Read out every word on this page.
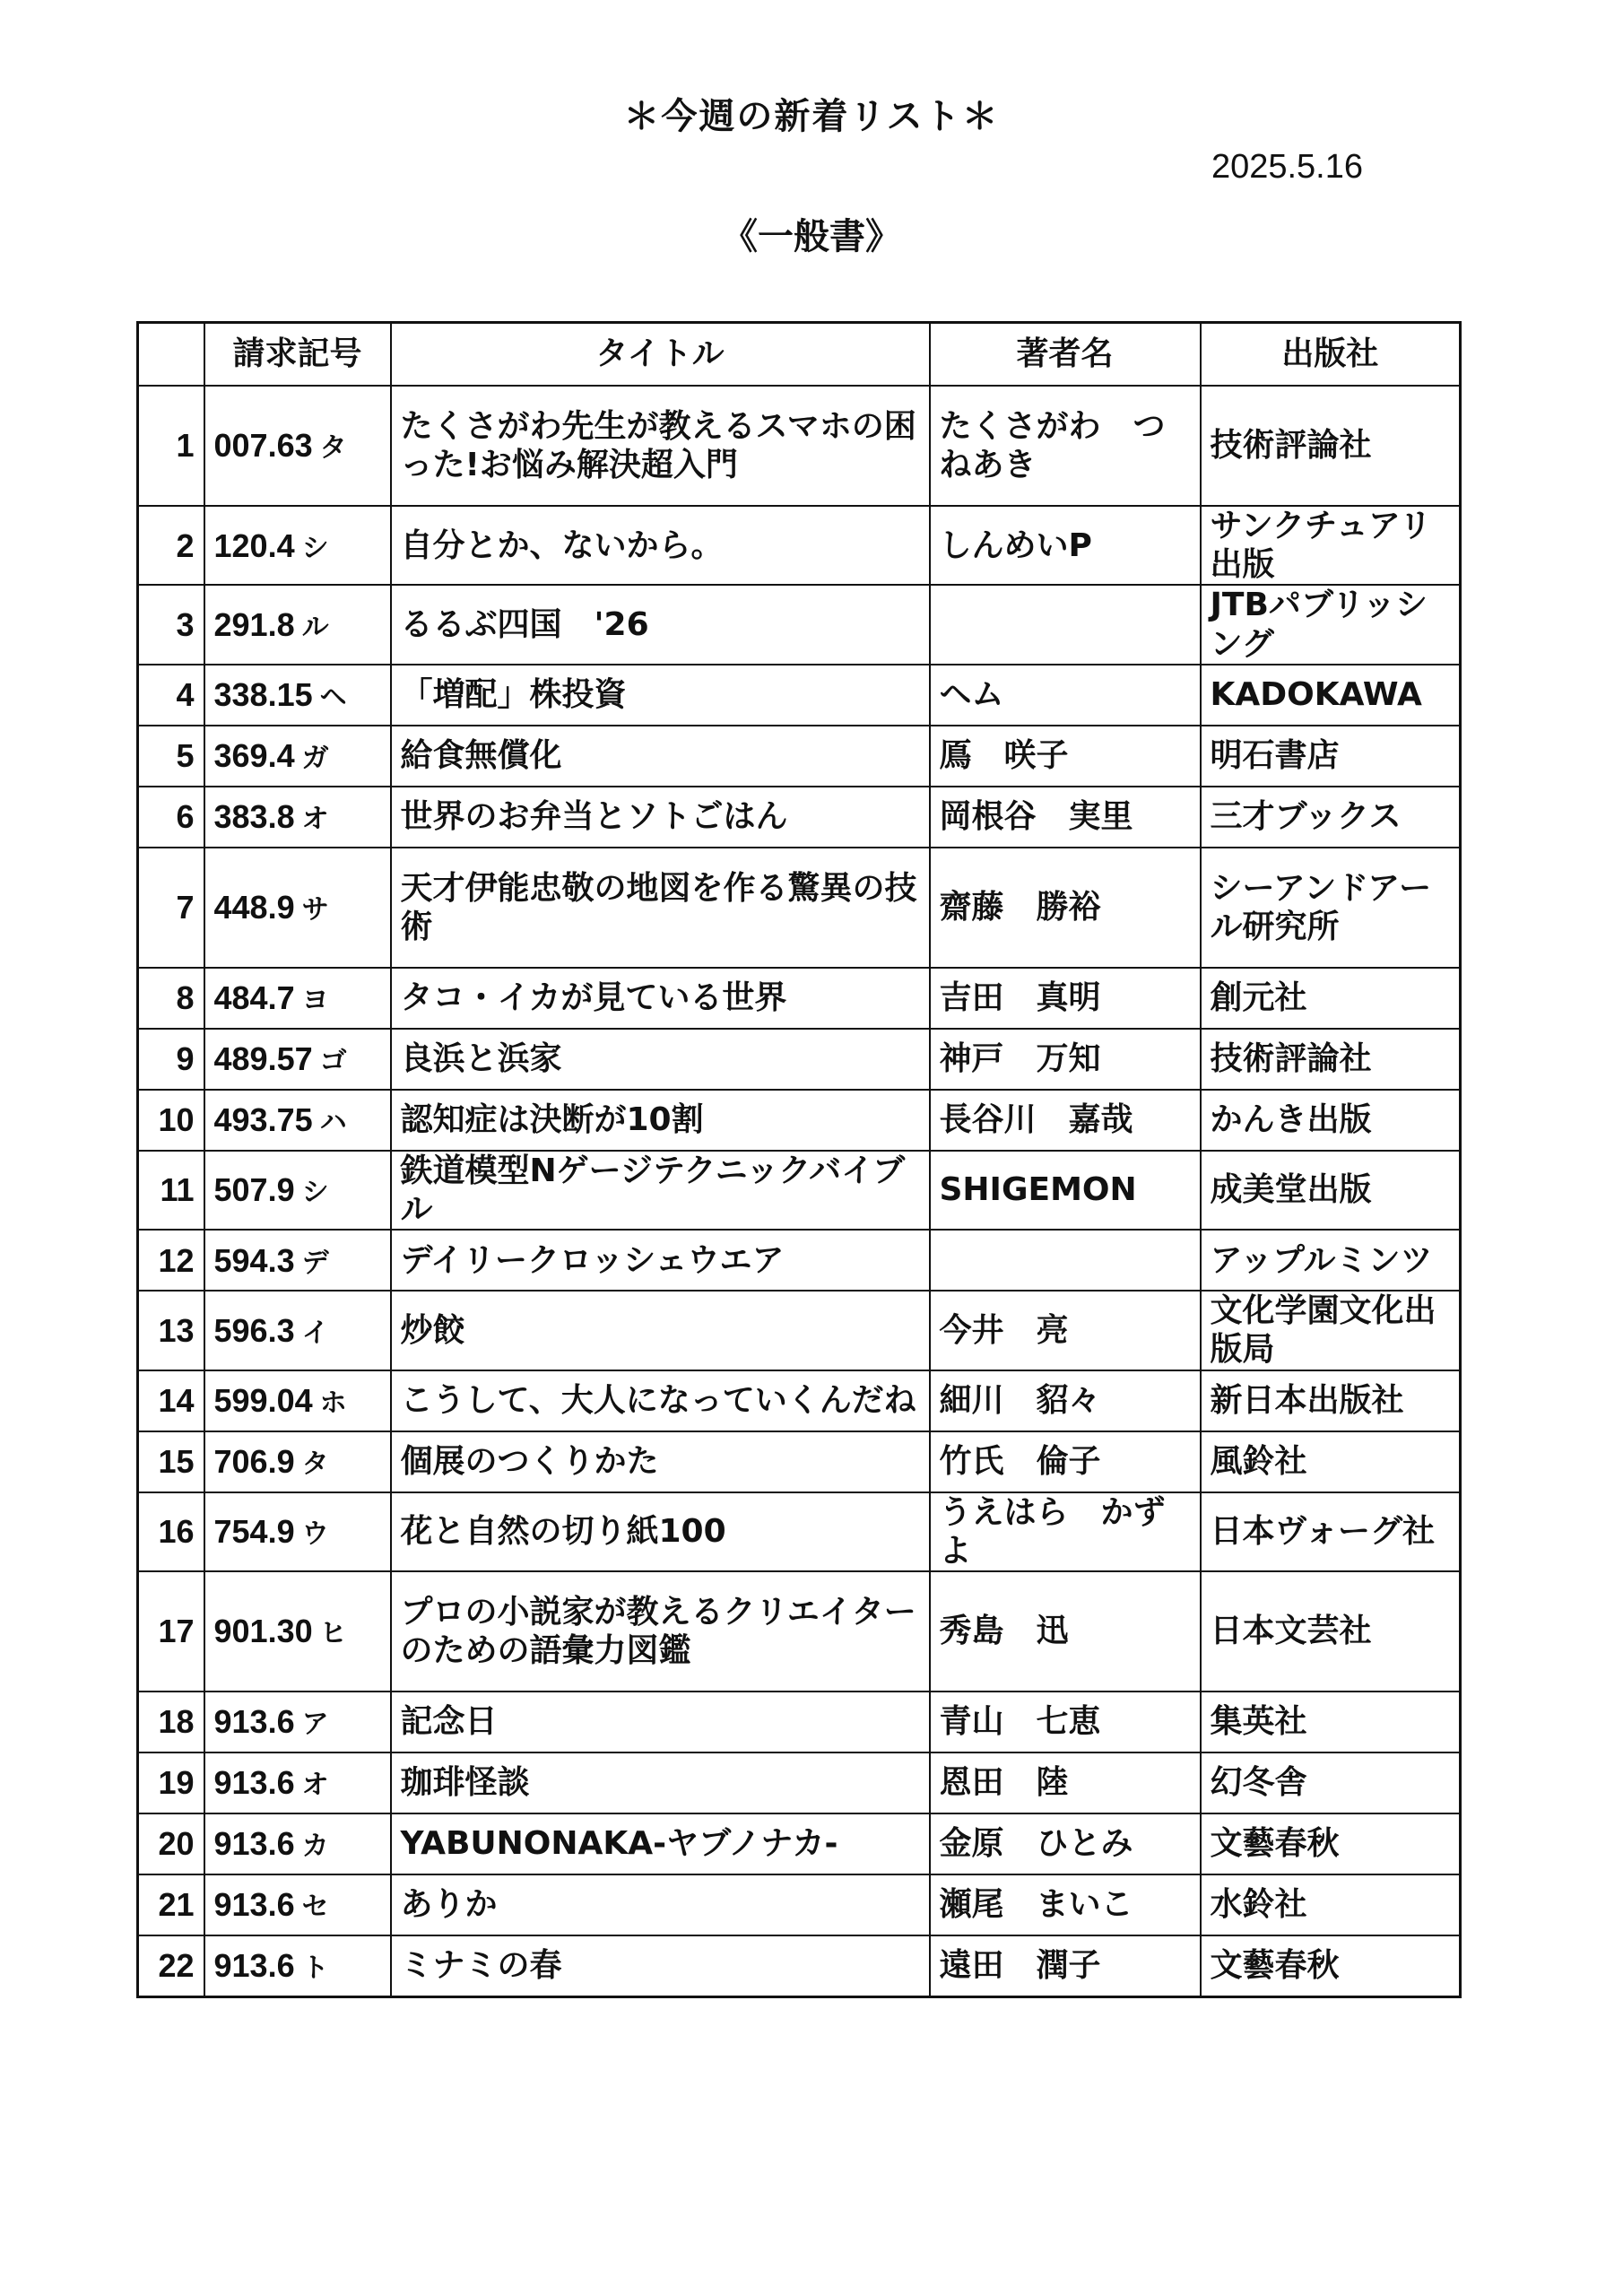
＊今週の新着リスト＊
2025.5.16
《一般書》
	請求記号	タイトル	著者名	出版社
1	007.63 タ	たくさがわ先生が教えるスマホの困った!お悩み解決超入門	たくさがわ　つねあき	技術評論社
2	120.4 シ	自分とか、ないから。	しんめいP	サンクチュアリ出版
3	291.8 ル	るるぶ四国　'26		JTBパブリッシング
4	338.15 ヘ	「増配」株投資	ヘム	KADOKAWA
5	369.4 ガ	給食無償化	鳫　咲子	明石書店
6	383.8 オ	世界のお弁当とソトごはん	岡根谷　実里	三才ブックス
7	448.9 サ	天才伊能忠敬の地図を作る驚異の技術	齋藤　勝裕	シーアンドアール研究所
8	484.7 ヨ	タコ・イカが見ている世界	吉田　真明	創元社
9	489.57 ゴ	良浜と浜家	神戸　万知	技術評論社
10	493.75 ハ	認知症は決断が10割	長谷川　嘉哉	かんき出版
11	507.9 シ	鉄道模型Nゲージテクニックバイブル	SHIGEMON	成美堂出版
12	594.3 デ	デイリークロッシェウエア		アップルミンツ
13	596.3 イ	炒餃	今井　亮	文化学園文化出版局
14	599.04 ホ	こうして、大人になっていくんだね	細川　貂々	新日本出版社
15	706.9 タ	個展のつくりかた	竹氏　倫子	風鈴社
16	754.9 ウ	花と自然の切り紙100	うえはら　かずよ	日本ヴォーグ社
17	901.30 ヒ	プロの小説家が教えるクリエイターのための語彙力図鑑	秀島　迅	日本文芸社
18	913.6 ア	記念日	青山　七恵	集英社
19	913.6 オ	珈琲怪談	恩田　陸	幻冬舎
20	913.6 カ	YABUNONAKA-ヤブノナカ-	金原　ひとみ	文藝春秋
21	913.6 セ	ありか	瀬尾　まいこ	水鈴社
22	913.6 ト	ミナミの春	遠田　潤子	文藝春秋
